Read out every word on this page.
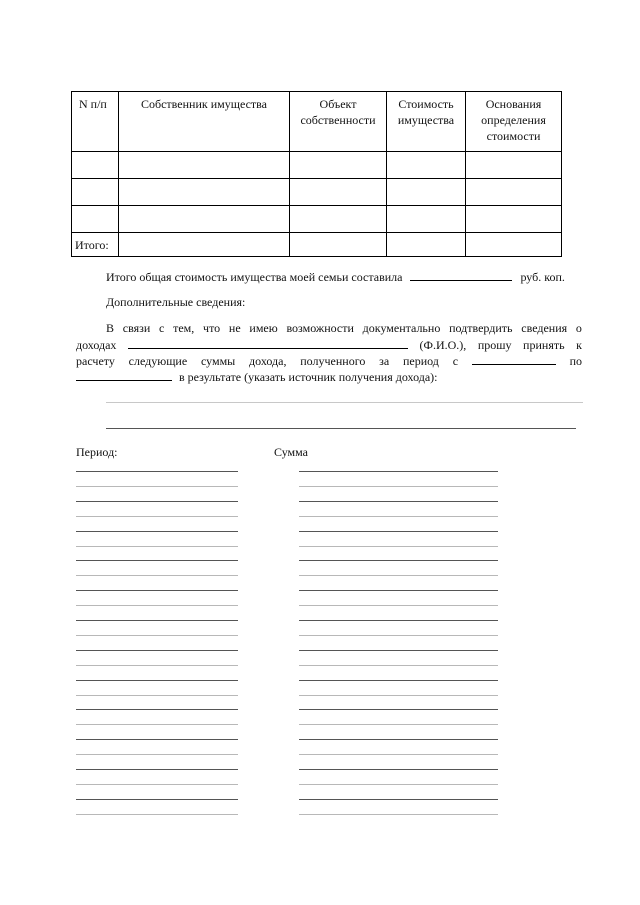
N п/п	Собственник имущества	Объект собственности	Стоимость имущества	Основания определения стоимости

Итого:				
Итого общая стоимость имущества моей семьи составила	руб. коп.
Дополнительные сведения:
В связи с тем, что не имею возможности документально подтвердить сведения о
доходах	(Ф.И.О.), прошу принять к
расчету следующие суммы дохода, полученного за период с	по
в результате (указать источник получения дохода):
Период:	Сумма
